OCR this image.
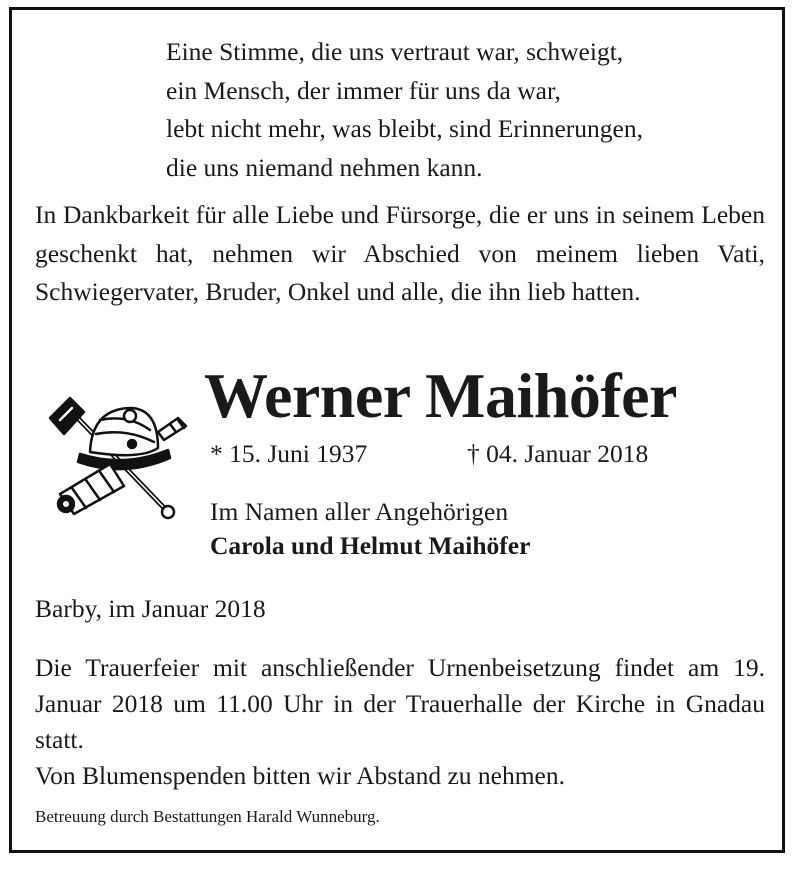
Eine Stimme, die uns vertraut war, schweigt,
ein Mensch, der immer für uns da war,
lebt nicht mehr, was bleibt, sind Erinnerungen,
die uns niemand nehmen kann.
In Dankbarkeit für alle Liebe und Fürsorge, die er uns in seinem Leben geschenkt hat, nehmen wir Abschied von meinem lieben Vati, Schwiegervater, Bruder, Onkel und alle, die ihn lieb hatten.
Werner Maihöfer
* 15. Juni 1937	† 04. Januar 2018
Im Namen aller Angehörigen
Carola und Helmut Maihöfer
Barby, im Januar 2018
Die Trauerfeier mit anschließender Urnenbeisetzung findet am 19. Januar 2018 um 11.00 Uhr in der Trauerhalle der Kirche in Gnadau statt.
Von Blumenspenden bitten wir Abstand zu nehmen.
Betreuung durch Bestattungen Harald Wunneburg.
